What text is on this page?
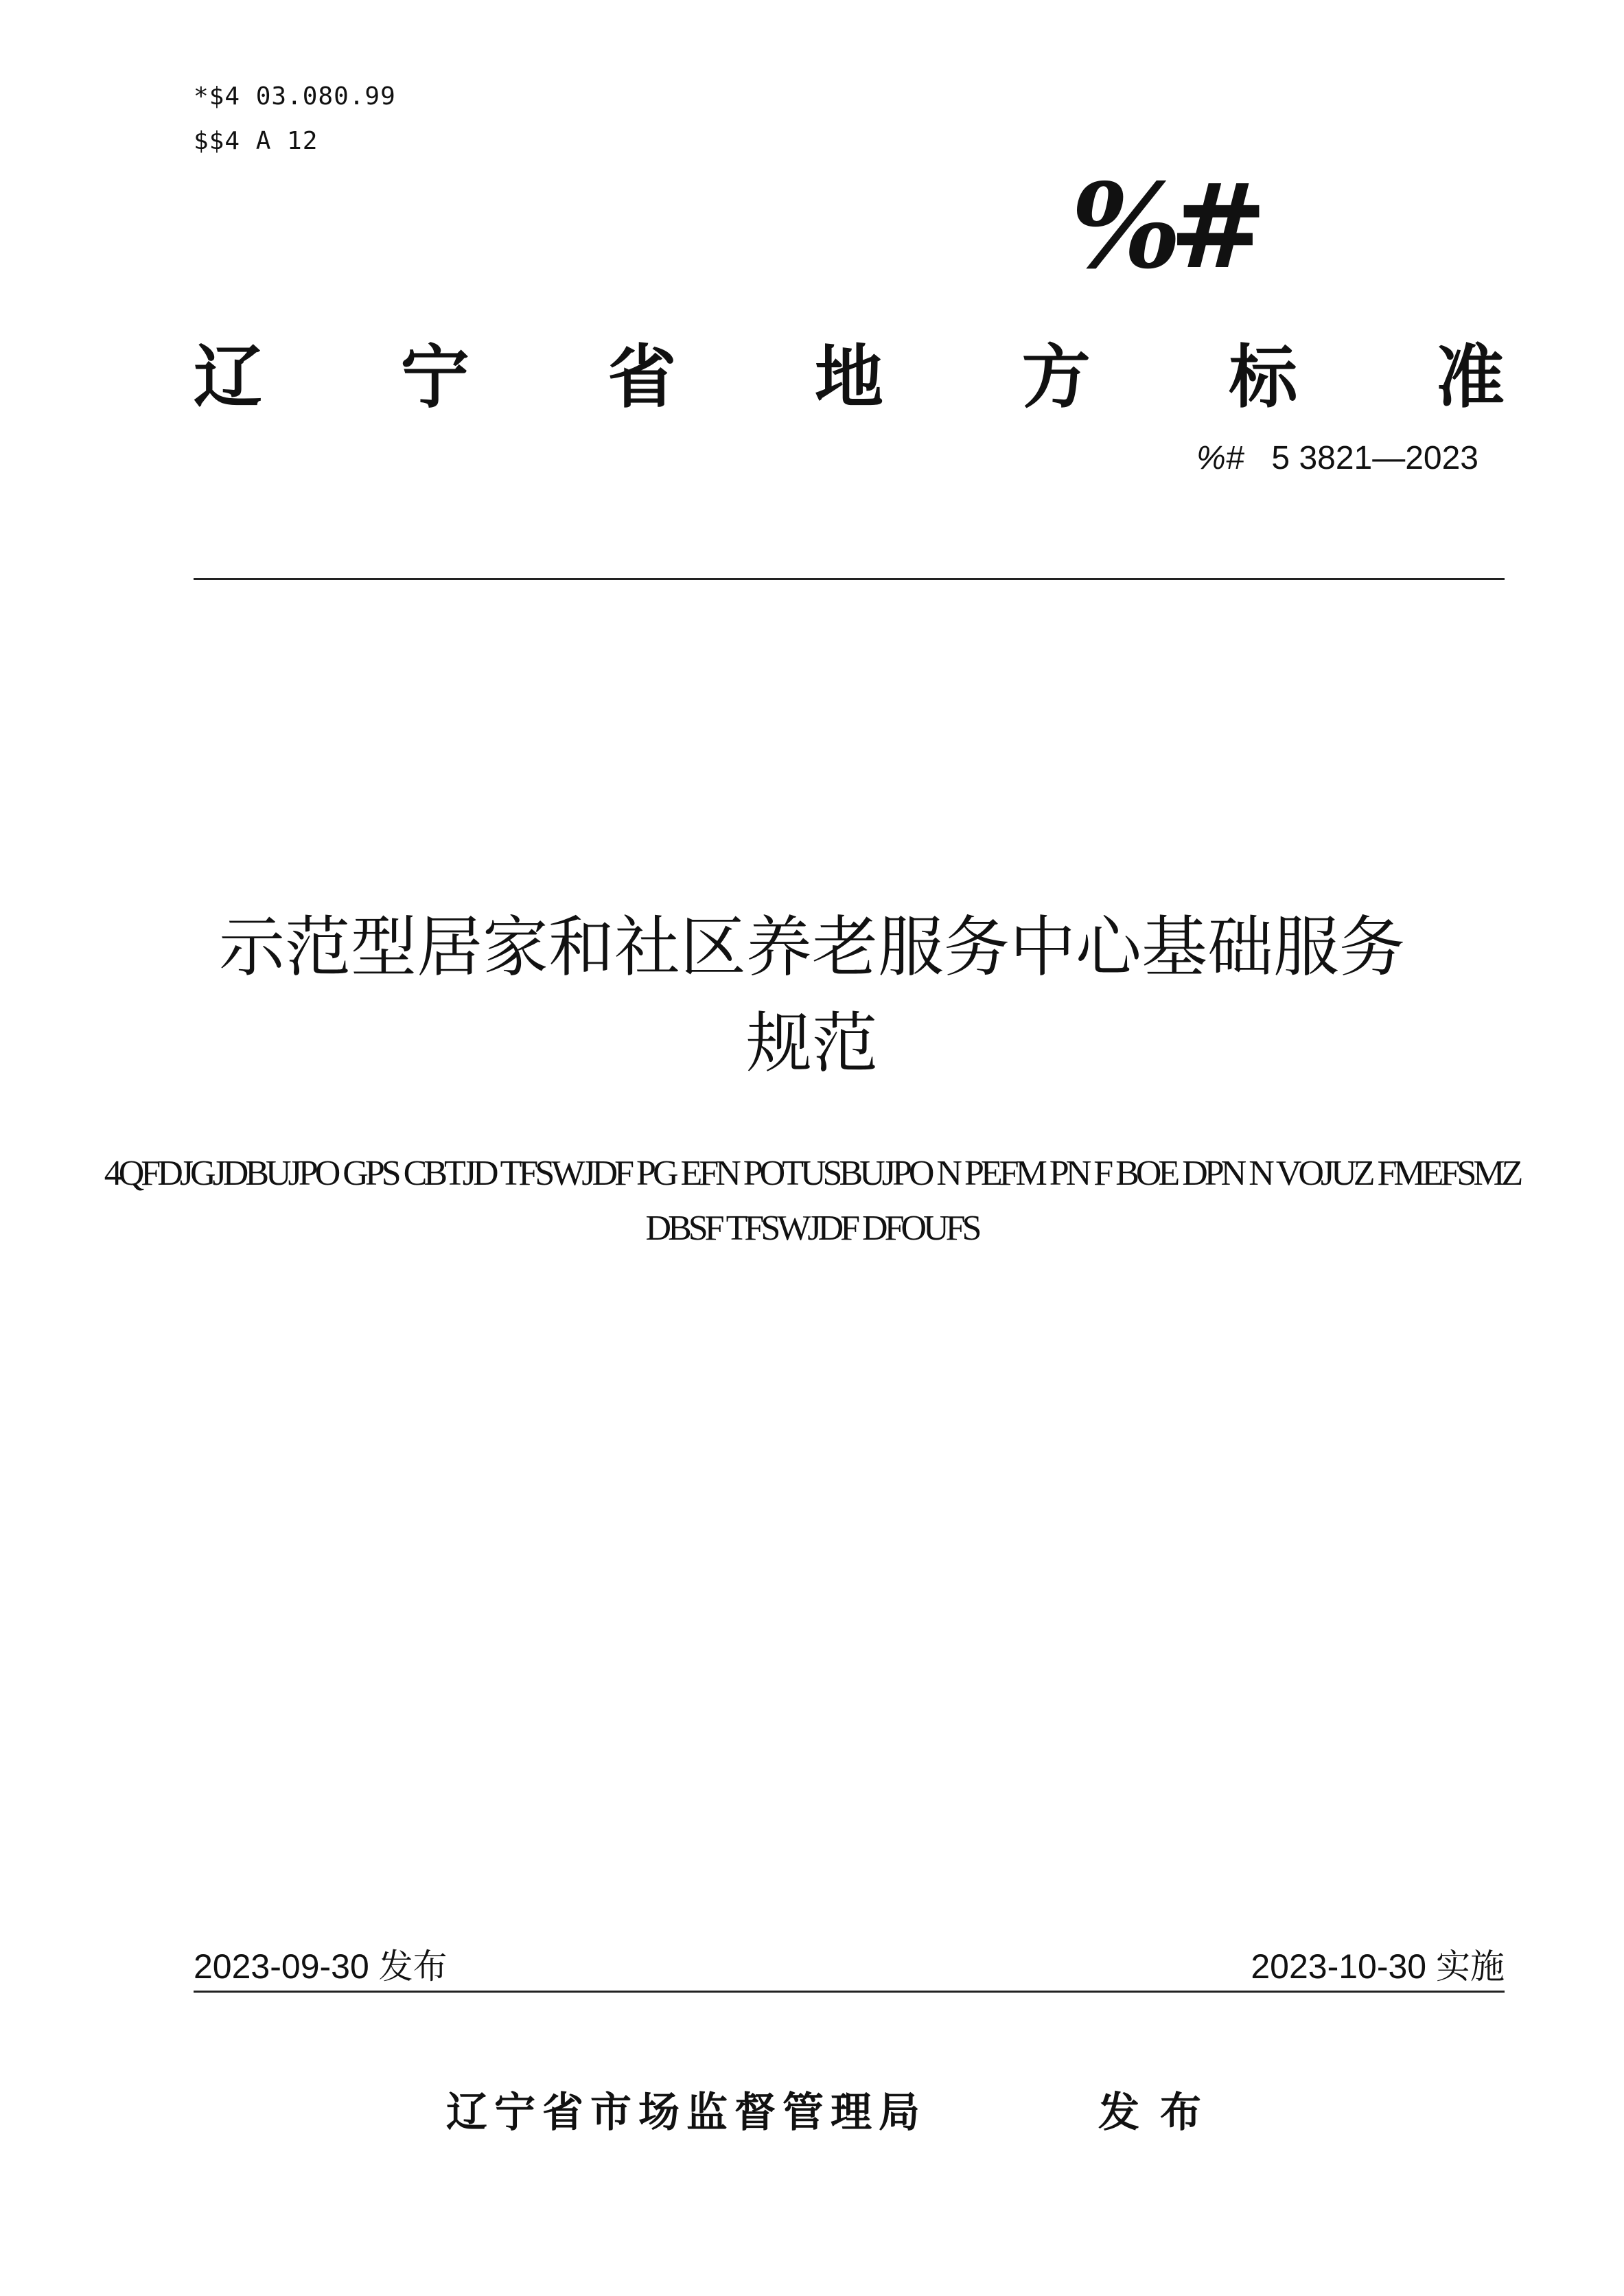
*$4 03.080.99
$$4 A 12
%#
辽 宁 省 地 方 标 准
%# 5 3821—2023
示范型居家和社区养老服务中心基础服务
规范
4QFDJGJDBUJPO GPS CBTJD TFSWJDF PG EFN POTUSBUJPO N PEFM PN F BOE DPN N VOJUZ FMEFSMZ
DBSF TFSWJDF DFOUFS
2023-09-30 发布	2023-10-30 实施
辽宁省市场监督管理局	发布
